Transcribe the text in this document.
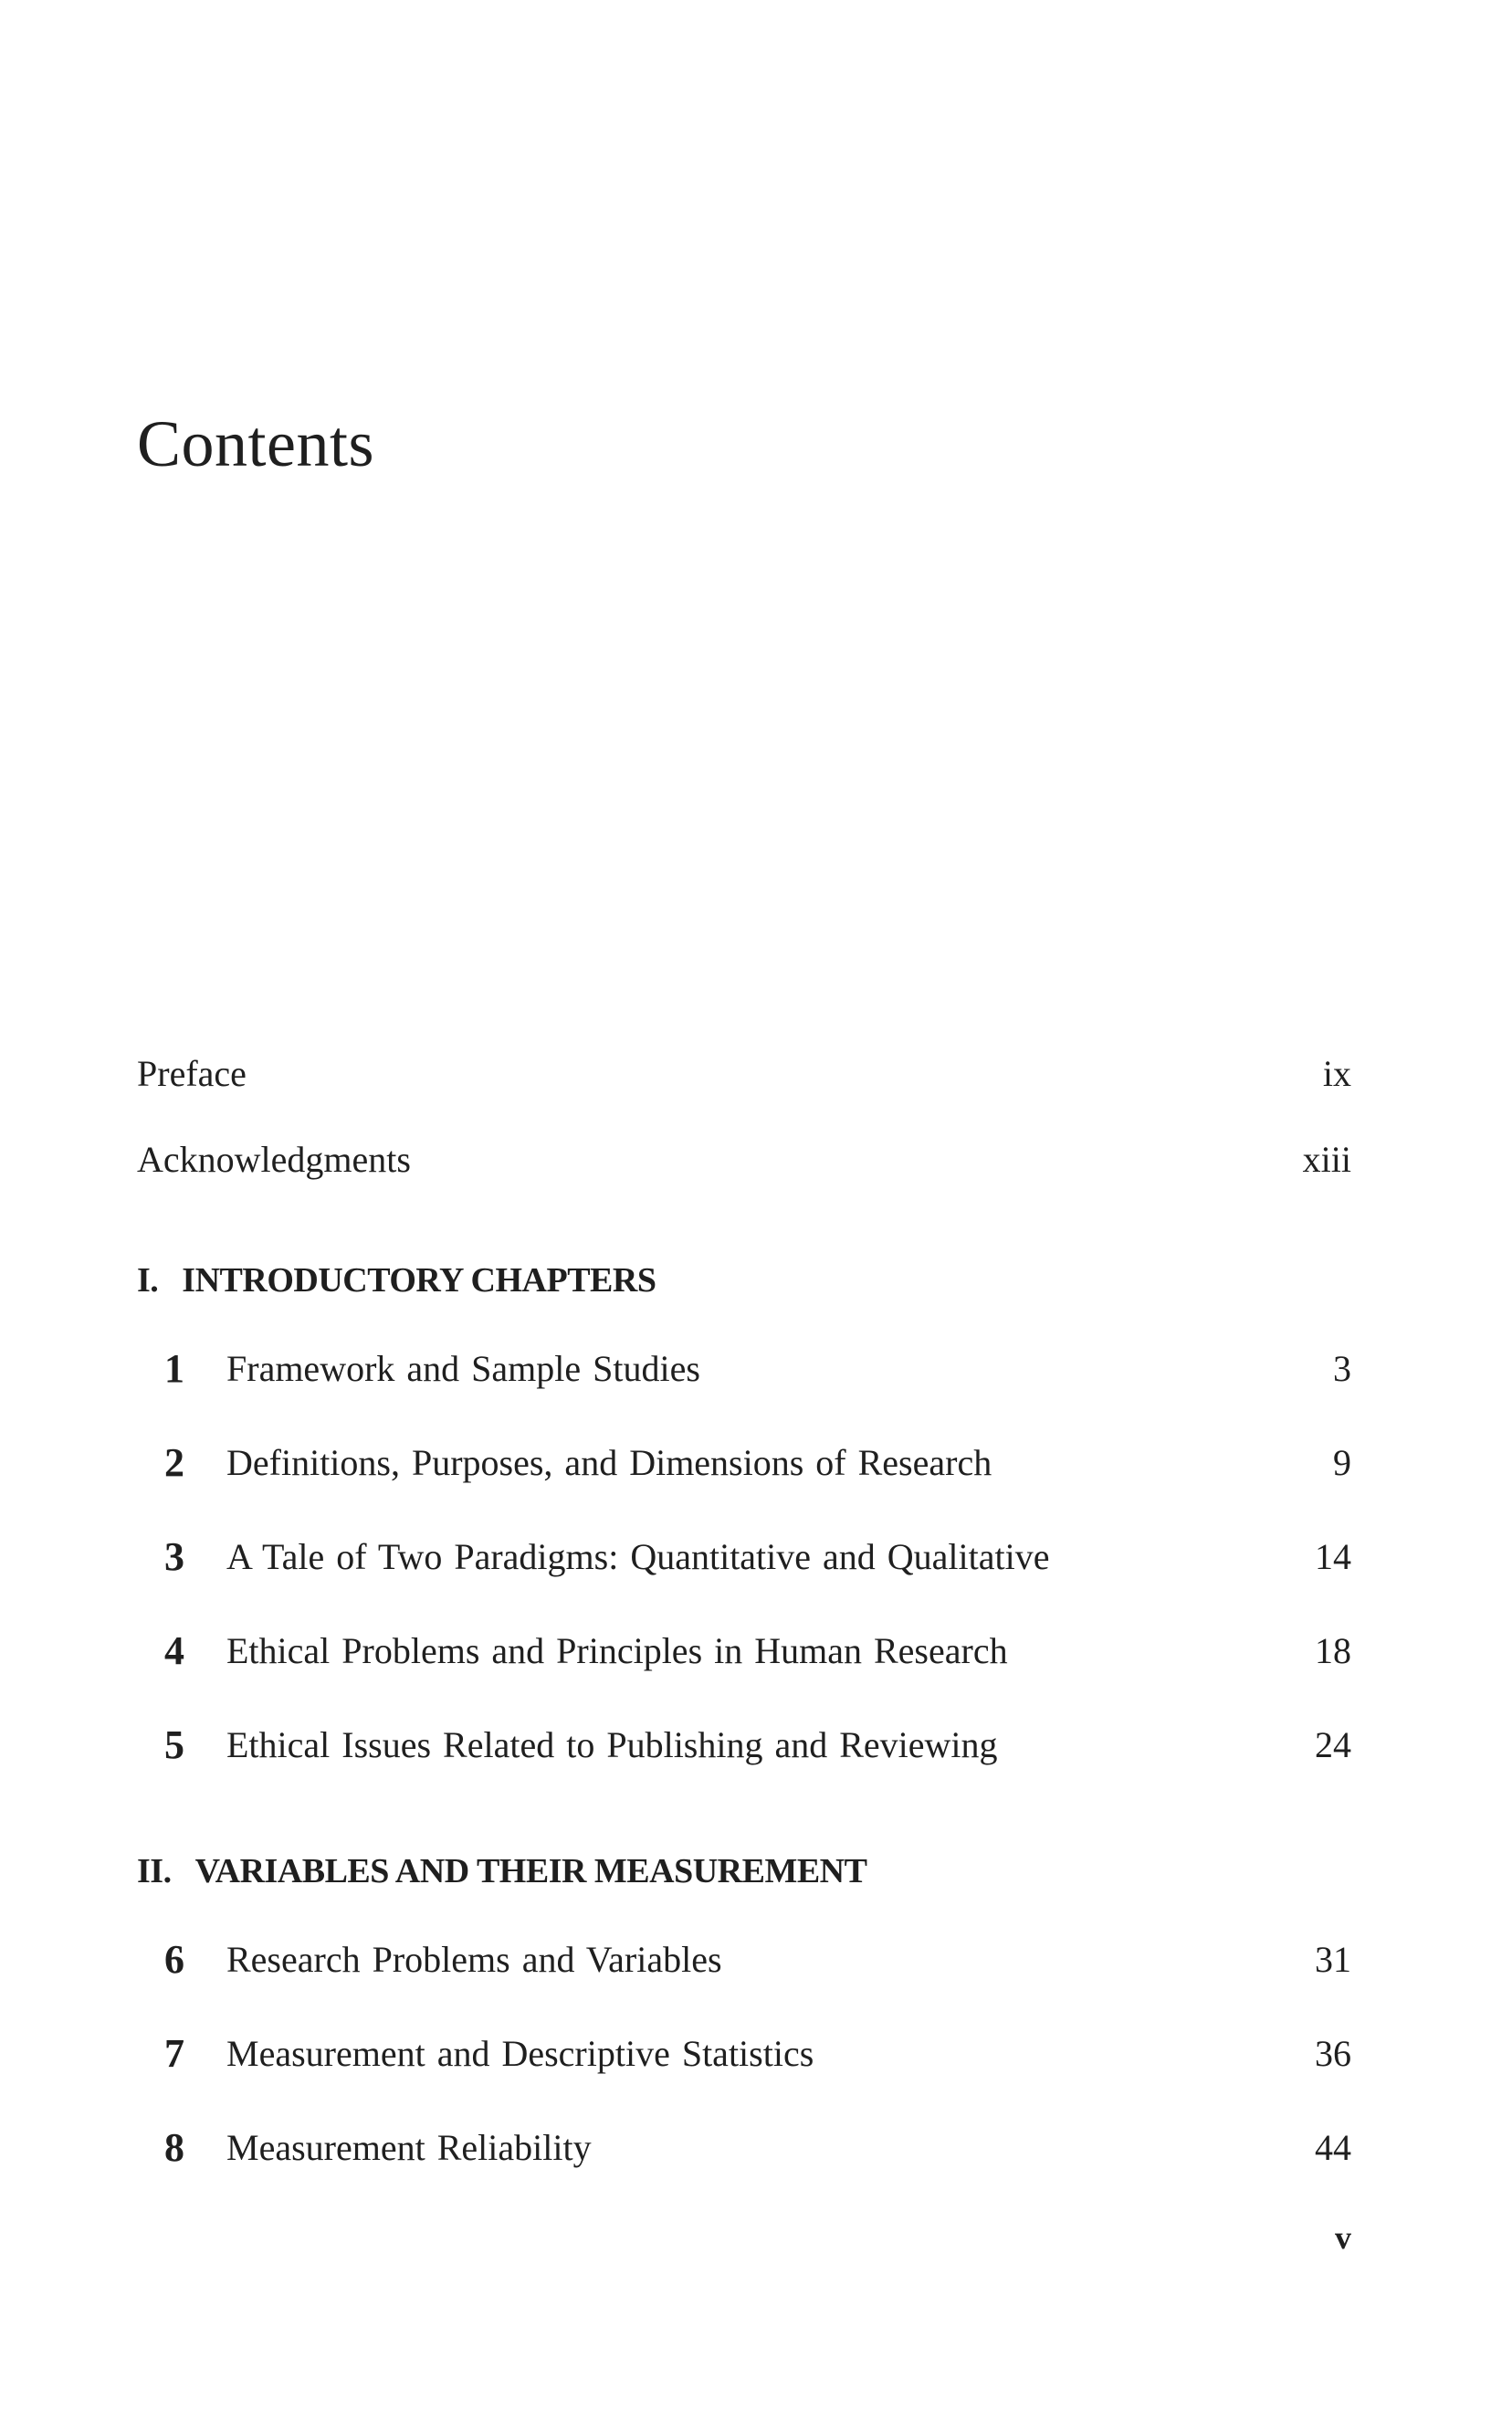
Contents
Preface	ix
Acknowledgments	xiii
I. INTRODUCTORY CHAPTERS
1 Framework and Sample Studies	3
2 Definitions, Purposes, and Dimensions of Research	9
3 A Tale of Two Paradigms: Quantitative and Qualitative	14
4 Ethical Problems and Principles in Human Research	18
5 Ethical Issues Related to Publishing and Reviewing	24
II. VARIABLES AND THEIR MEASUREMENT
6 Research Problems and Variables	31
7 Measurement and Descriptive Statistics	36
8 Measurement Reliability	44
v
